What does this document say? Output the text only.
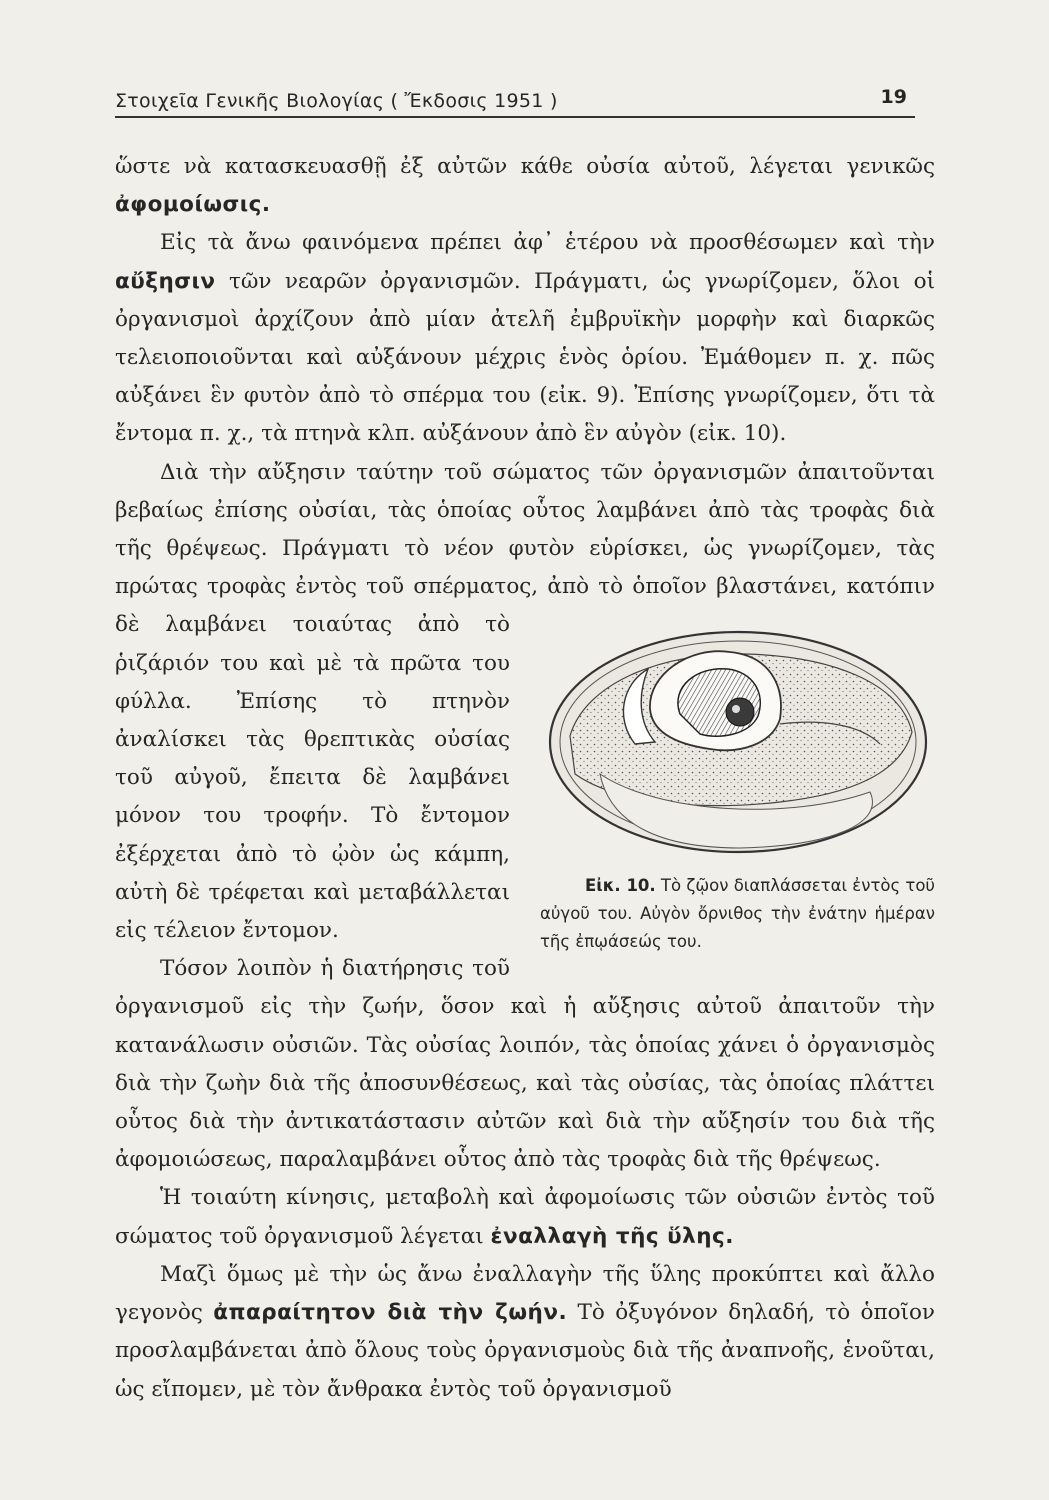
Στοιχεῖα Γενικῆς Βιολογίας ( Ἔκδοσις 1951 )	19

ὥστε νὰ κατασκευασθῇ ἐξ αὐτῶν κάθε οὐσία αὐτοῦ, λέγεται γενικῶς ἀφομοίωσις.

Εἰς τὰ ἄνω φαινόμενα πρέπει ἀφ᾽ ἑτέρου νὰ προσθέσωμεν καὶ τὴν αὔξησιν τῶν νεαρῶν ὀργανισμῶν. Πράγματι, ὡς γνωρίζομεν, ὅλοι οἱ ὀργανισμοὶ ἀρχίζουν ἀπὸ μίαν ἀτελῆ ἐμβρυϊκὴν μορφὴν καὶ διαρκῶς τελειοποιοῦνται καὶ αὐξάνουν μέχρις ἑνὸς ὁρίου. Ἐμάθομεν π. χ. πῶς αὐξάνει ἓν φυτὸν ἀπὸ τὸ σπέρμα του (εἰκ. 9). Ἐπίσης γνωρίζομεν, ὅτι τὰ ἔντομα π. χ., τὰ πτηνὰ κλπ. αὐξάνουν ἀπὸ ἓν αὐγὸν (εἰκ. 10).

Διὰ τὴν αὔξησιν ταύτην τοῦ σώματος τῶν ὀργανισμῶν ἀπαιτοῦνται βεβαίως ἐπίσης οὐσίαι, τὰς ὁποίας οὗτος λαμβάνει ἀπὸ τὰς τροφὰς διὰ τῆς θρέψεως. Πράγματι τὸ νέον φυτὸν εὑρίσκει, ὡς γνωρίζομεν, τὰς πρώτας τροφὰς ἐντὸς τοῦ σπέρματος, ἀπὸ τὸ ὁποῖον βλαστάνει,
Εἰκ. 10. Τὸ ζῷον διαπλάσσεται ἐντὸς τοῦ αὐγοῦ του. Αὐγὸν ὄρνιθος τὴν ἐνάτην ἡμέραν τῆς ἐπῳάσεώς του.
κατόπιν δὲ λαμβάνει τοιαύτας ἀπὸ τὸ ῥιζάριόν του καὶ μὲ τὰ πρῶτα του φύλλα. Ἐπίσης τὸ πτηνὸν ἀναλίσκει τὰς θρεπτικὰς οὐσίας τοῦ αὐγοῦ, ἔπειτα δὲ λαμβάνει μόνον του τροφήν. Τὸ ἔντομον ἐξέρχεται ἀπὸ τὸ ᾠὸν ὡς κάμπη, αὐτὴ δὲ τρέφεται καὶ μεταβάλλεται εἰς τέλειον ἔντομον.

Τόσον λοιπὸν ἡ διατήρησις τοῦ ὀργανισμοῦ εἰς τὴν ζωήν, ὅσον καὶ ἡ αὔξησις αὐτοῦ ἀπαιτοῦν τὴν κατανάλωσιν οὐσιῶν. Τὰς οὐσίας λοιπόν, τὰς ὁποίας χάνει ὁ ὀργανισμὸς διὰ τὴν ζωὴν διὰ τῆς ἀποσυνθέσεως, καὶ τὰς οὐσίας, τὰς ὁποίας πλάττει οὗτος διὰ τὴν ἀντικατάστασιν αὐτῶν καὶ διὰ τὴν αὔξησίν του διὰ τῆς ἀφομοιώσεως, παραλαμβάνει οὗτος ἀπὸ τὰς τροφὰς διὰ τῆς θρέψεως.

Ἡ τοιαύτη κίνησις, μεταβολὴ καὶ ἀφομοίωσις τῶν οὐσιῶν ἐντὸς τοῦ σώματος τοῦ ὀργανισμοῦ λέγεται ἐναλλαγὴ τῆς ὕλης.

Μαζὶ ὅμως μὲ τὴν ὡς ἄνω ἐναλλαγὴν τῆς ὕλης προκύπτει καὶ ἄλλο γεγονὸς ἀπαραίτητον διὰ τὴν ζωήν. Τὸ ὀξυγόνον δηλαδή, τὸ ὁποῖον προσλαμβάνεται ἀπὸ ὅλους τοὺς ὀργανισμοὺς διὰ τῆς ἀναπνοῆς, ἑνοῦται, ὡς εἴπομεν, μὲ τὸν ἄνθρακα ἐντὸς τοῦ ὀργανισμοῦ
